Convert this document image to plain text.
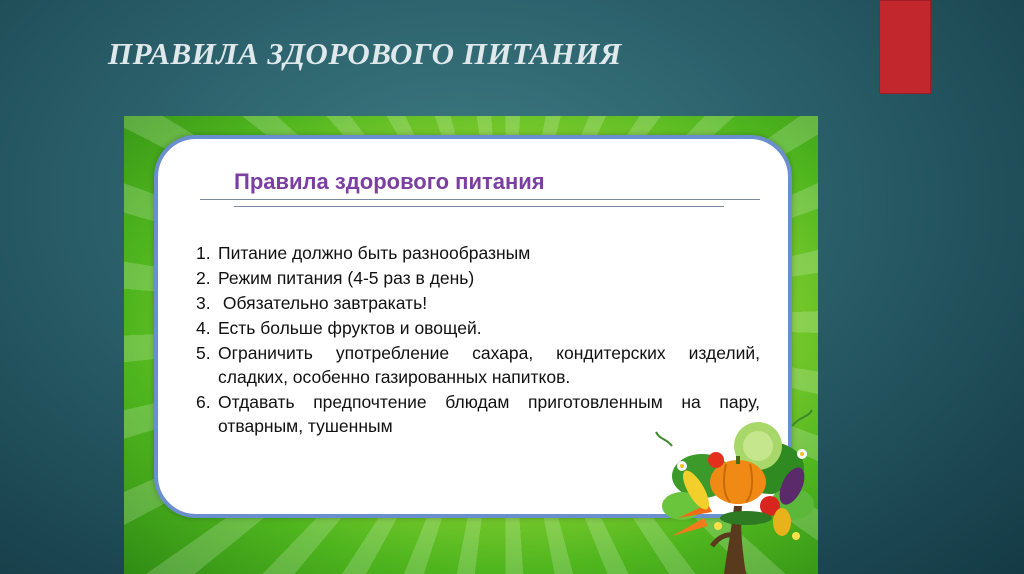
ПРАВИЛА ЗДОРОВОГО ПИТАНИЯ
Правила здорового питания
1. Питание должно быть разнообразным
2. Режим питания (4-5 раз в день)
3. Обязательно завтракать!
4. Есть больше фруктов и овощей.
5. Ограничить употребление сахара, кондитерских изделий, сладких, особенно газированных напитков.
6. Отдавать предпочтение блюдам приготовленным на пару, отварным, тушенным
